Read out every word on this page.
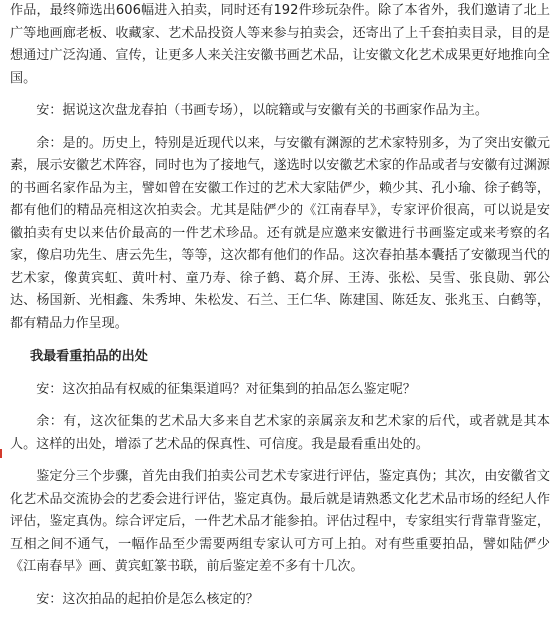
作品，最终筛选出606幅进入拍卖，同时还有192件珍玩杂件。除了本省外，我们邀请了北上广等地画廊老板、收藏家、艺术品投资人等来参与拍卖会，还寄出了上千套拍卖目录，目的是想通过广泛沟通、宣传，让更多人来关注安徽书画艺术品，让安徽文化艺术成果更好地推向全国。

安：据说这次盘龙春拍（书画专场），以皖籍或与安徽有关的书画家作品为主。

余：是的。历史上，特别是近现代以来，与安徽有渊源的艺术家特别多，为了突出安徽元素，展示安徽艺术阵容，同时也为了接地气，遂选时以安徽艺术家的作品或者与安徽有过渊源的书画名家作品为主，譬如曾在安徽工作过的艺术大家陆俨少，赖少其、孔小瑜、徐子鹤等，都有他们的精品亮相这次拍卖会。尤其是陆俨少的《江南春早》，专家评价很高，可以说是安徽拍卖有史以来估价最高的一件艺术珍品。还有就是应邀来安徽进行书画鉴定或来考察的名家，像启功先生、唐云先生，等等，这次都有他们的作品。这次春拍基本囊括了安徽现当代的艺术家，像黄宾虹、黄叶村、童乃寿、徐子鹤、葛介屏、王涛、张松、吴雪、张良勋、郭公达、杨国新、光相鑫、朱秀坤、朱松发、石兰、王仁华、陈建国、陈廷友、张兆玉、白鹤等，都有精品力作呈现。

我最看重拍品的出处

安：这次拍品有权威的征集渠道吗？对征集到的拍品怎么鉴定呢？

余：有，这次征集的艺术品大多来自艺术家的亲属亲友和艺术家的后代，或者就是其本人。这样的出处，增添了艺术品的保真性、可信度。我是最看重出处的。

鉴定分三个步骤，首先由我们拍卖公司艺术专家进行评估，鉴定真伪；其次，由安徽省文化艺术品交流协会的艺委会进行评估，鉴定真伪。最后就是请熟悉文化艺术品市场的经纪人作评估，鉴定真伪。综合评定后，一件艺术品才能参拍。评估过程中，专家组实行背靠背鉴定，互相之间不通气，一幅作品至少需要两组专家认可方可上拍。对有些重要拍品，譬如陆俨少《江南春早》画、黄宾虹篆书联，前后鉴定差不多有十几次。

安：这次拍品的起拍价是怎么核定的？
